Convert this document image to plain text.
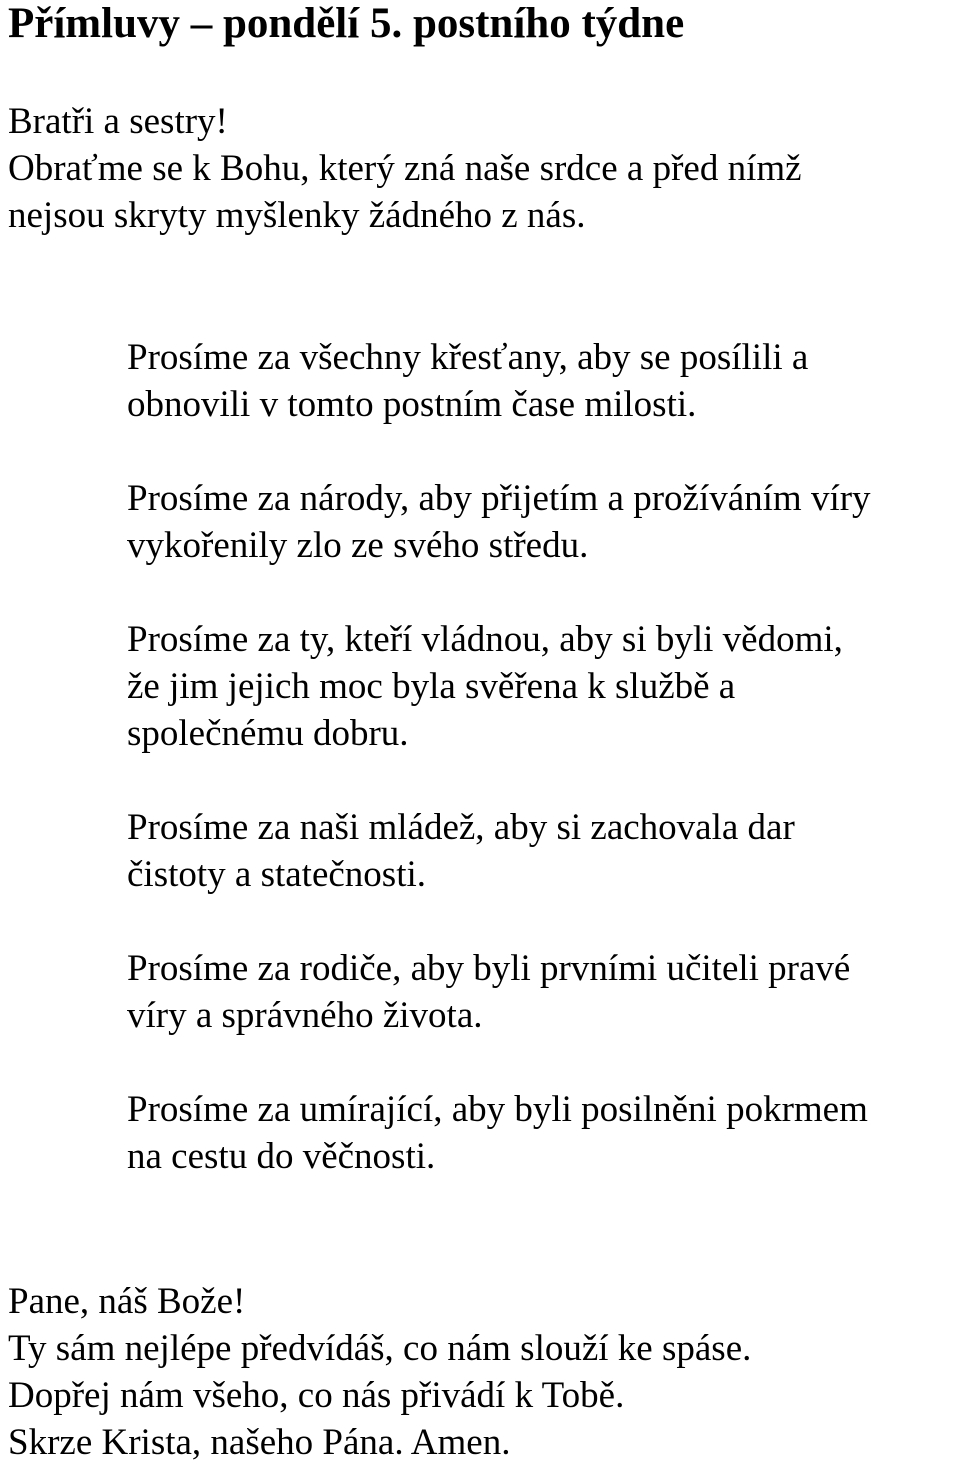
Přímluvy – pondělí 5. postního týdne

Bratři a sestry!
Obraťme se k Bohu, který zná naše srdce a před nímž
nejsou skryty myšlenky žádného z nás.

Prosíme za všechny křesťany, aby se posílili a
obnovili v tomto postním čase milosti.
Prosíme za národy, aby přijetím a prožíváním víry
vykořenily zlo ze svého středu.
Prosíme za ty, kteří vládnou, aby si byli vědomi,
že jim jejich moc byla svěřena k službě a
společnému dobru.
Prosíme za naši mládež, aby si zachovala dar
čistoty a statečnosti.
Prosíme za rodiče, aby byli prvními učiteli pravé
víry a správného života.
Prosíme za umírající, aby byli posilněni pokrmem
na cestu do věčnosti.

Pane, náš Bože!
Ty sám nejlépe předvídáš, co nám slouží ke spáse.
Dopřej nám všeho, co nás přivádí k Tobě.
Skrze Krista, našeho Pána. Amen.
